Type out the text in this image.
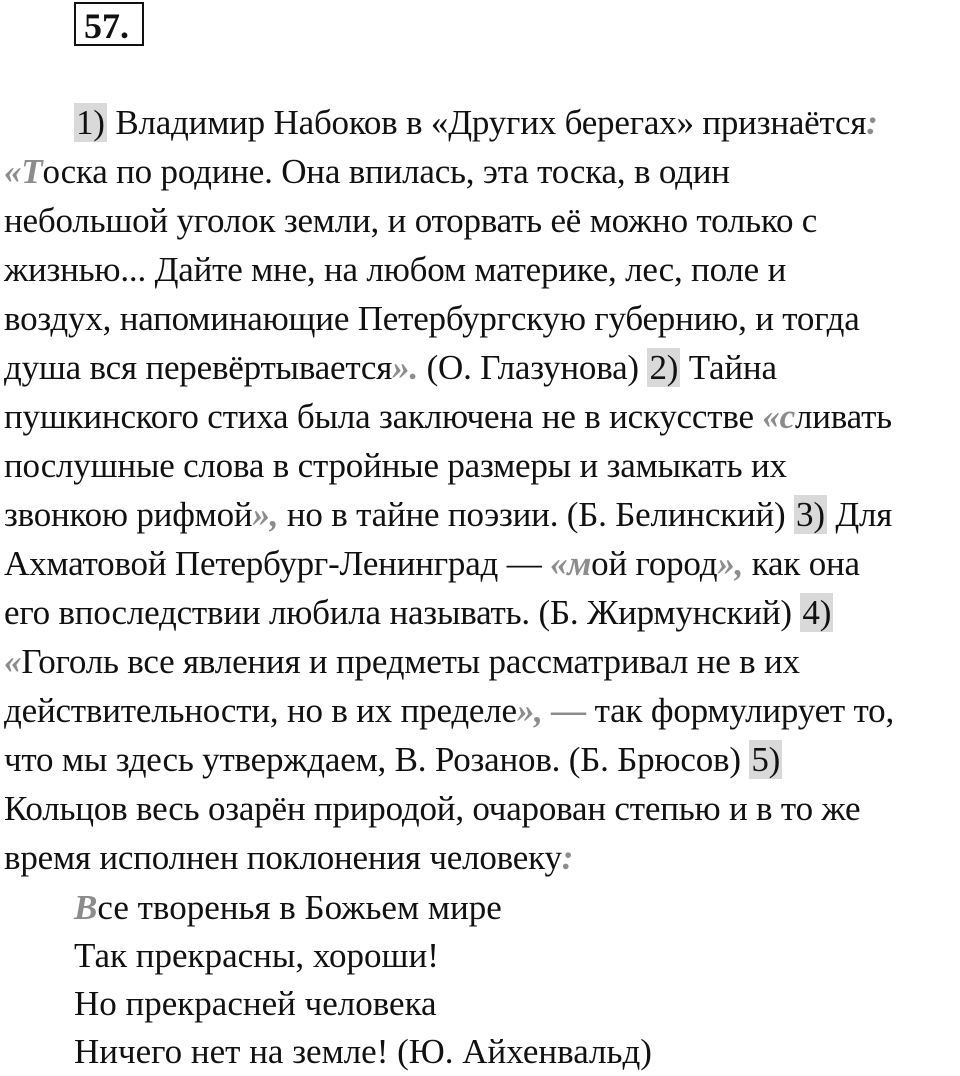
57.
1) Владимир Набоков в «Других берегах» признаётся:
«Тоска по родине. Она впилась, эта тоска, в один
небольшой уголок земли, и оторвать её можно только с
жизнью... Дайте мне, на любом материке, лес, поле и
воздух, напоминающие Петербургскую губернию, и тогда
душа вся перевёртывается». (О. Глазунова) 2) Тайна
пушкинского стиха была заключена не в искусстве «сливать
послушные слова в стройные размеры и замыкать их
звонкою рифмой», но в тайне поэзии. (Б. Белинский) 3) Для
Ахматовой Петербург-Ленинград — «мой город», как она
его впоследствии любила называть. (Б. Жирмунский) 4)
«Гоголь все явления и предметы рассматривал не в их
действительности, но в их пределе», — так формулирует то,
что мы здесь утверждаем, В. Розанов. (Б. Брюсов) 5)
Кольцов весь озарён природой, очарован степью и в то же
время исполнен поклонения человеку:
Все творенья в Божьем мире
Так прекрасны, хороши!
Но прекрасней человека
Ничего нет на земле! (Ю. Айхенвальд)
